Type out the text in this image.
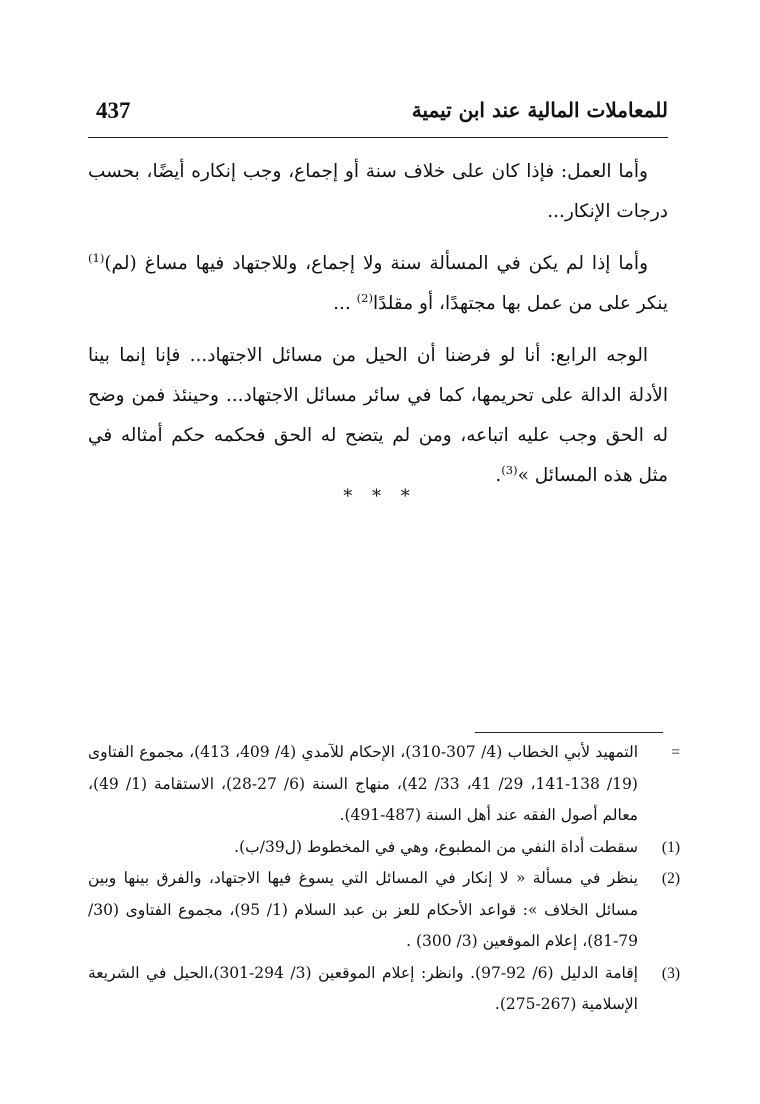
437	للمعاملات المالية عند ابن تيمية

وأما العمل: فإذا كان على خلاف سنة أو إجماع، وجب إنكاره أيضًا، بحسب درجات الإنكار...

وأما إذا لم يكن في المسألة سنة ولا إجماع، وللاجتهاد فيها مساغ (لم)$^{(1)}$ ينكر على من عمل بها مجتهدًا، أو مقلدًا$^{(2)}$ ...

الوجه الرابع: أنا لو فرضنا أن الحيل من مسائل الاجتهاد... فإنا إنما بينا الأدلة الدالة على تحريمها، كما في سائر مسائل الاجتهاد... وحينئذ فمن وضح له الحق وجب عليه اتباعه، ومن لم يتضح له الحق فحكمه حكم أمثاله في مثل هذه المسائل »$^{(3)}$.

* * *
=
التمهيد لأبي الخطاب (4/ 307-310)، الإحكام للآمدي (4/ 409، 413)، مجموع الفتاوى (19/ 138-141، 29/ 41، 33/ 42)، منهاج السنة (6/ 27-28)، الاستقامة (1/ 49)، معالم أصول الفقه عند أهل السنة (487-491).
(1)
سقطت أداة النفي من المطبوع، وهي في المخطوط (ل39/ب).
(2)
ينظر في مسألة « لا إنكار في المسائل التي يسوغ فيها الاجتهاد، والفرق بينها وبين مسائل الخلاف »: قواعد الأحكام للعز بن عبد السلام (1/ 95)، مجموع الفتاوى (30/ 79-81)، إعلام الموقعين (3/ 300) .
(3)
إقامة الدليل (6/ 92-97). وانظر: إعلام الموقعين (3/ 294-301)،الحيل في الشريعة الإسلامية (267-275).
